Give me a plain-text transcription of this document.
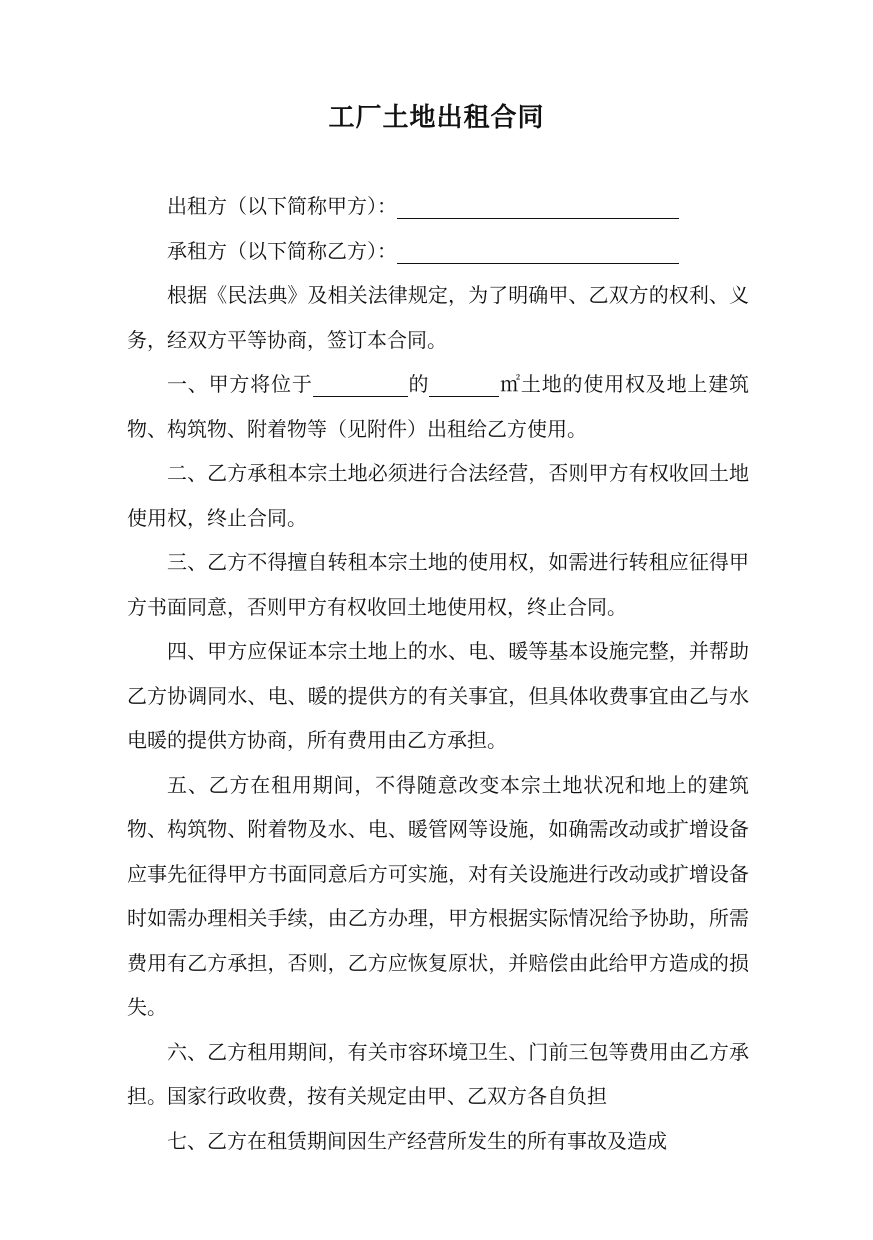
工厂土地出租合同

出租方（以下简称甲方）：

承租方（以下简称乙方）：

根据《民法典》及相关法律规定，为了明确甲、乙双方的权利、义务，经双方平等协商，签订本合同。

一、甲方将位于	的	㎡土地的使用权及地上建筑物、构筑物、附着物等（见附件）出租给乙方使用。

二、乙方承租本宗土地必须进行合法经营，否则甲方有权收回土地使用权，终止合同。

三、乙方不得擅自转租本宗土地的使用权，如需进行转租应征得甲方书面同意，否则甲方有权收回土地使用权，终止合同。

四、甲方应保证本宗土地上的水、电、暖等基本设施完整，并帮助乙方协调同水、电、暖的提供方的有关事宜，但具体收费事宜由乙与水电暖的提供方协商，所有费用由乙方承担。

五、乙方在租用期间，不得随意改变本宗土地状况和地上的建筑物、构筑物、附着物及水、电、暖管网等设施，如确需改动或扩增设备应事先征得甲方书面同意后方可实施，对有关设施进行改动或扩增设备时如需办理相关手续，由乙方办理，甲方根据实际情况给予协助，所需费用有乙方承担，否则，乙方应恢复原状，并赔偿由此给甲方造成的损失。

六、乙方租用期间，有关市容环境卫生、门前三包等费用由乙方承担。国家行政收费，按有关规定由甲、乙双方各自负担

七、乙方在租赁期间因生产经营所发生的所有事故及造成
